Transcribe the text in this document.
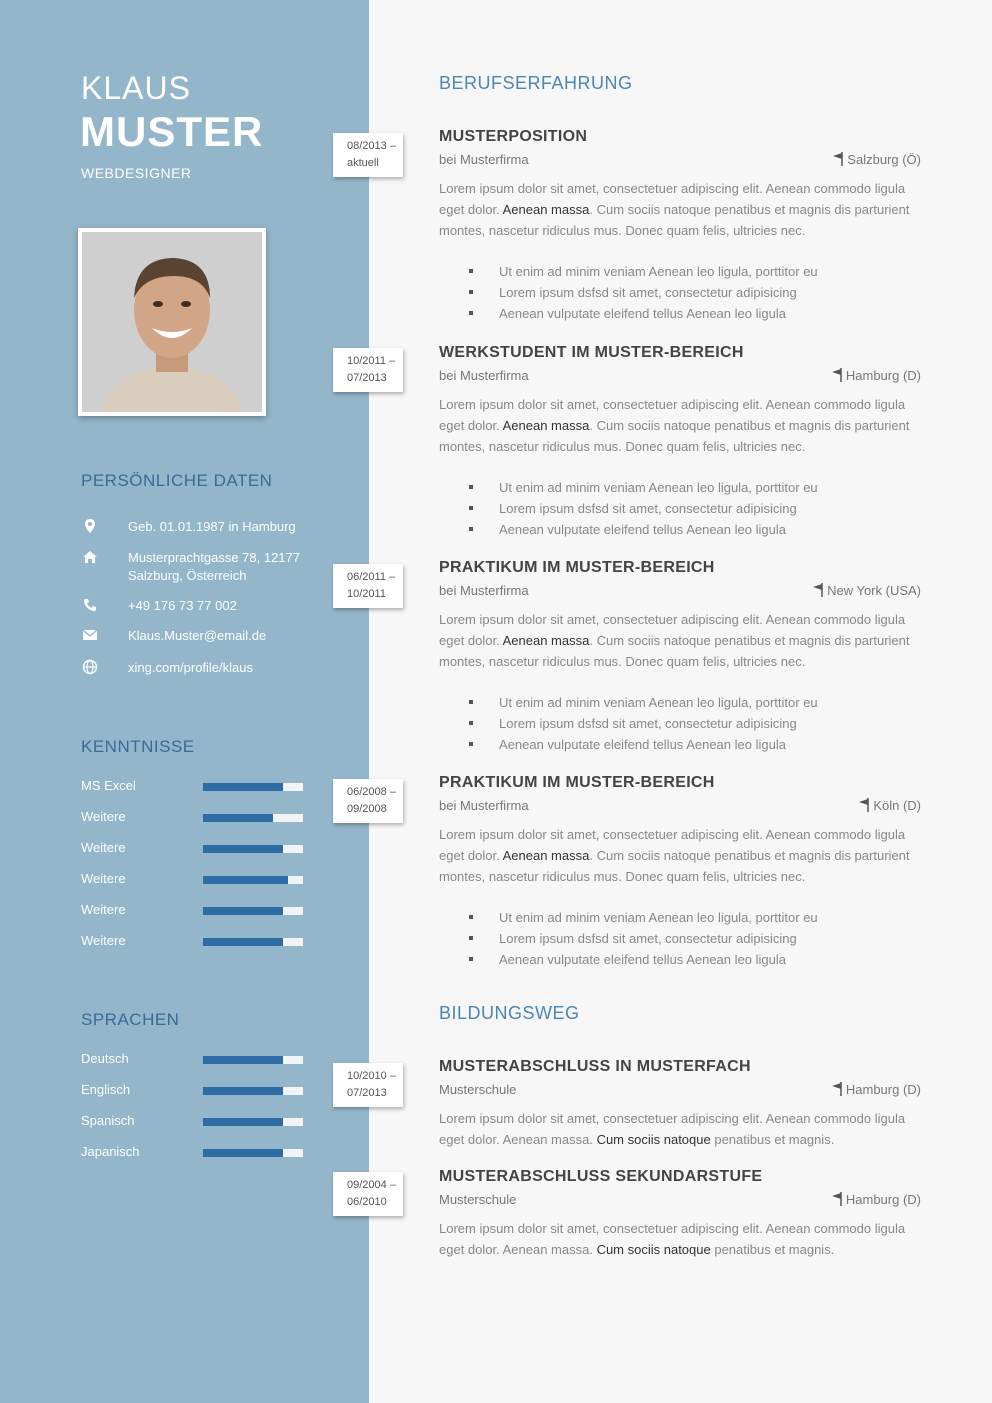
KLAUS
MUSTER
WEBDESIGNER
PERSÖNLICHE DATEN
Geb. 01.01.1987 in Hamburg
Musterprachtgasse 78, 12177
Salzburg, Österreich
+49 176 73 77 002
Klaus.Muster@email.de
xing.com/profile/klaus
KENNTNISSE
MS Excel
Weitere
Weitere
Weitere
Weitere
Weitere
SPRACHEN
Deutsch
Englisch
Spanisch
Japanisch
BERUFSERFAHRUNG
08/2013 –
aktuell
MUSTERPOSITION
bei Musterfirma	Salzburg (Ö)

Lorem ipsum dolor sit amet, consectetuer adipiscing elit. Aenean commodo ligula eget dolor. Aenean massa. Cum sociis natoque penatibus et magnis dis parturient montes, nascetur ridiculus mus. Donec quam felis, ultricies nec.

Ut enim ad minim veniam Aenean leo ligula, porttitor eu
Lorem ipsum dsfsd sit amet, consectetur adipisicing
Aenean vulputate eleifend tellus Aenean leo ligula
10/2011 –
07/2013
WERKSTUDENT IM MUSTER-BEREICH
bei Musterfirma	Hamburg (D)

Lorem ipsum dolor sit amet, consectetuer adipiscing elit. Aenean commodo ligula eget dolor. Aenean massa. Cum sociis natoque penatibus et magnis dis parturient montes, nascetur ridiculus mus. Donec quam felis, ultricies nec.

Ut enim ad minim veniam Aenean leo ligula, porttitor eu
Lorem ipsum dsfsd sit amet, consectetur adipisicing
Aenean vulputate eleifend tellus Aenean leo ligula
06/2011 –
10/2011
PRAKTIKUM IM MUSTER-BEREICH
bei Musterfirma	New York (USA)

Lorem ipsum dolor sit amet, consectetuer adipiscing elit. Aenean commodo ligula eget dolor. Aenean massa. Cum sociis natoque penatibus et magnis dis parturient montes, nascetur ridiculus mus. Donec quam felis, ultricies nec.

Ut enim ad minim veniam Aenean leo ligula, porttitor eu
Lorem ipsum dsfsd sit amet, consectetur adipisicing
Aenean vulputate eleifend tellus Aenean leo ligula
06/2008 –
09/2008
PRAKTIKUM IM MUSTER-BEREICH
bei Musterfirma	Köln (D)

Lorem ipsum dolor sit amet, consectetuer adipiscing elit. Aenean commodo ligula eget dolor. Aenean massa. Cum sociis natoque penatibus et magnis dis parturient montes, nascetur ridiculus mus. Donec quam felis, ultricies nec.

Ut enim ad minim veniam Aenean leo ligula, porttitor eu
Lorem ipsum dsfsd sit amet, consectetur adipisicing
Aenean vulputate eleifend tellus Aenean leo ligula
BILDUNGSWEG
10/2010 –
07/2013
MUSTERABSCHLUSS IN MUSTERFACH
Musterschule	Hamburg (D)

Lorem ipsum dolor sit amet, consectetuer adipiscing elit. Aenean commodo ligula eget dolor. Aenean massa. Cum sociis natoque penatibus et magnis.

09/2004 –
06/2010
MUSTERABSCHLUSS SEKUNDARSTUFE
Musterschule	Hamburg (D)

Lorem ipsum dolor sit amet, consectetuer adipiscing elit. Aenean commodo ligula eget dolor. Aenean massa. Cum sociis natoque penatibus et magnis.
